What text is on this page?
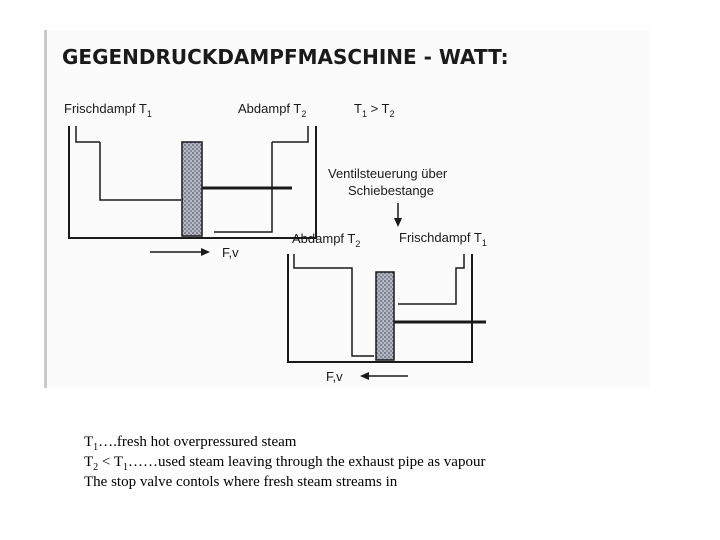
GEGENDRUCKDAMPFMASCHINE - WATT:
F,v
Frischdampf $T_1$	Abdampf $T_2$	$T_1 > T_2$
Ventilsteuerung über
Schiebestange
Abdampf $T_2$	Frischdampf $T_1$
F,v
$T_1\dots.fresh$ hot overpressured steam
$T_2$ < $T_1\dots\dots used$ steam leaving through the exhaust pipe as vapour
The stop valve contols where fresh steam streams in
